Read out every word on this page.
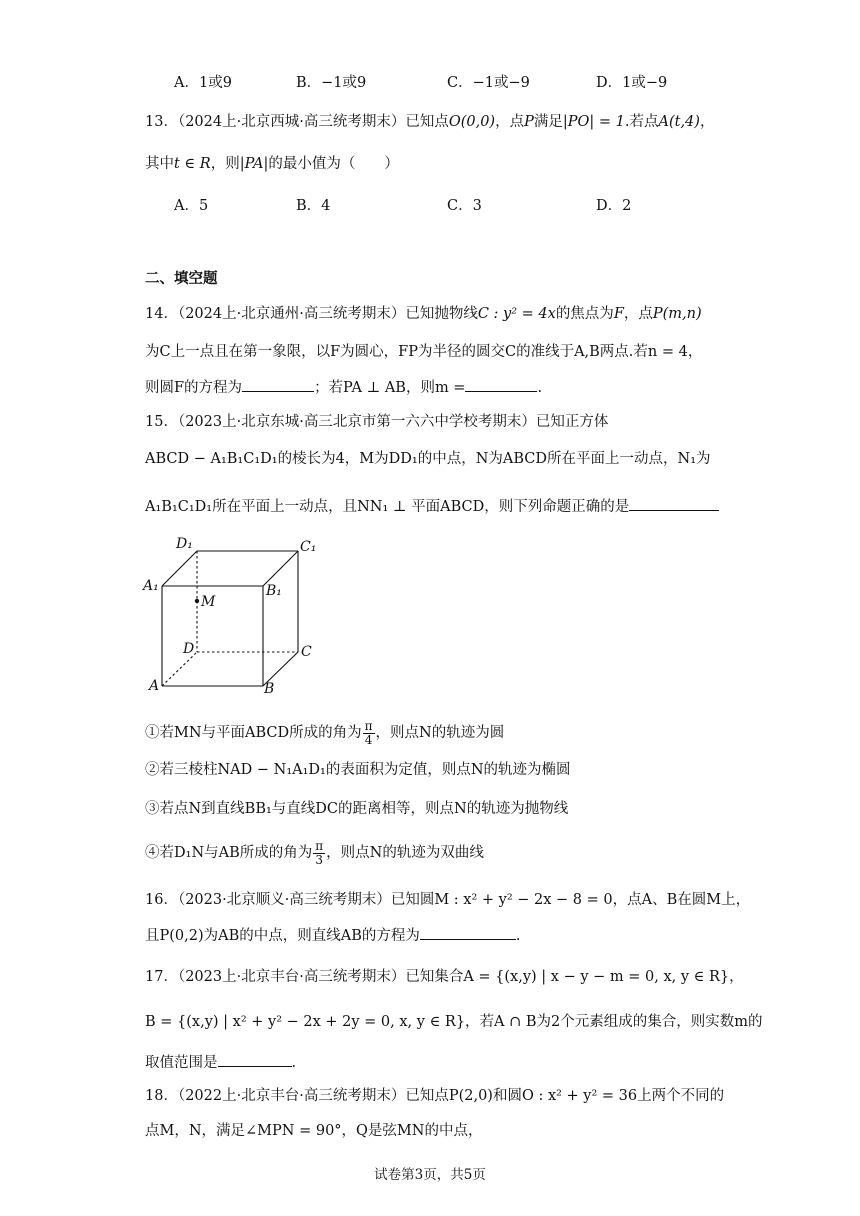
A．1或9	B．−1或9	C．−1或−9	D．1或−9
13．（2024上·北京西城·高三统考期末）已知点O(0,0)，点P满足|PO| = 1.若点A(t,4)，
其中t ∈ R，则|PA|的最小值为（　　）
A．5	B．4	C．3	D．2
二、填空题
14．（2024上·北京通州·高三统考期末）已知抛物线C : y² = 4x的焦点为F，点P(m,n)
为C上一点且在第一象限，以F为圆心，FP为半径的圆交C的准线于A,B两点.若n = 4，
则圆F的方程为	；若PA ⊥ AB，则m =	.
15．（2023上·北京东城·高三北京市第一六六中学校考期末）已知正方体
ABCD − A₁B₁C₁D₁的棱长为4，M为DD₁的中点，N为ABCD所在平面上一动点，N₁为
A₁B₁C₁D₁所在平面上一动点，且NN₁ ⊥ 平面ABCD，则下列命题正确的是
D₁	C₁
A₁	B₁
M
D	C
A	B
①若MN与平面ABCD所成的角为 $\frac{\pi}{4}$ ，则点N的轨迹为圆
②若三棱柱NAD − N₁A₁D₁的表面积为定值，则点N的轨迹为椭圆
③若点N到直线BB₁与直线DC的距离相等，则点N的轨迹为抛物线
④若D₁N与AB所成的角为 $\frac{\pi}{3}$ ，则点N的轨迹为双曲线
16．（2023·北京顺义·高三统考期末）已知圆M : x² + y² − 2x − 8 = 0，点A、B在圆M上，
且P(0,2)为AB的中点，则直线AB的方程为	.
17．（2023上·北京丰台·高三统考期末）已知集合A = {(x,y) | x − y − m = 0, x, y ∈ R}，
B = {(x,y) | x² + y² − 2x + 2y = 0, x, y ∈ R}，若A ∩ B为2个元素组成的集合，则实数m的
取值范围是	.
18．（2022上·北京丰台·高三统考期末）已知点P(2,0)和圆O : x² + y² = 36上两个不同的
点M，N，满足∠MPN = 90°，Q是弦MN的中点，
试卷第3页，共5页
